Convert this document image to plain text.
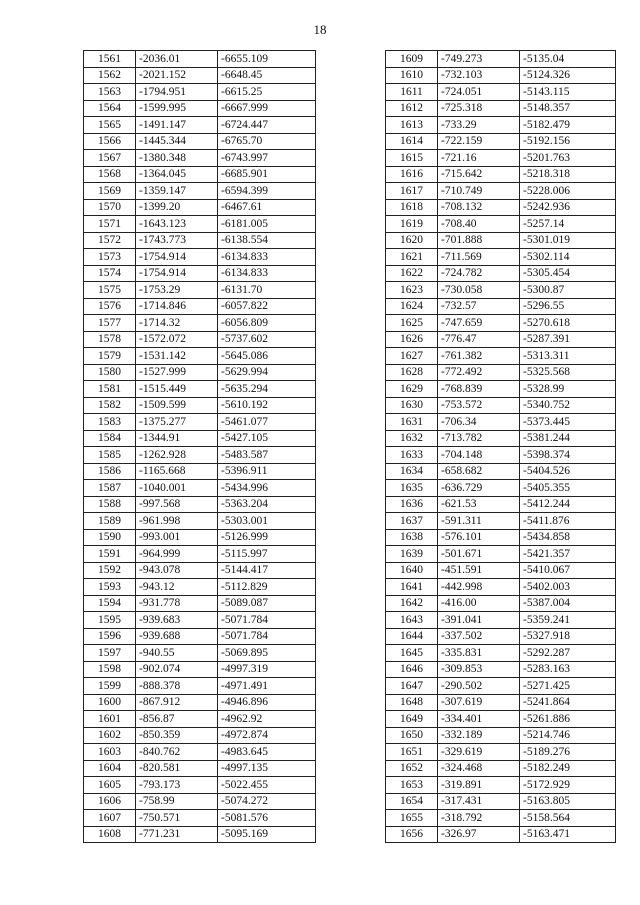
18
1561	-2036.01	-6655.109
1562	-2021.152	-6648.45
1563	-1794.951	-6615.25
1564	-1599.995	-6667.999
1565	-1491.147	-6724.447
1566	-1445.344	-6765.70
1567	-1380.348	-6743.997
1568	-1364.045	-6685.901
1569	-1359.147	-6594.399
1570	-1399.20	-6467.61
1571	-1643.123	-6181.005
1572	-1743.773	-6138.554
1573	-1754.914	-6134.833
1574	-1754.914	-6134.833
1575	-1753.29	-6131.70
1576	-1714.846	-6057.822
1577	-1714.32	-6056.809
1578	-1572.072	-5737.602
1579	-1531.142	-5645.086
1580	-1527.999	-5629.994
1581	-1515.449	-5635.294
1582	-1509.599	-5610.192
1583	-1375.277	-5461.077
1584	-1344.91	-5427.105
1585	-1262.928	-5483.587
1586	-1165.668	-5396.911
1587	-1040.001	-5434.996
1588	-997.568	-5363.204
1589	-961.998	-5303.001
1590	-993.001	-5126.999
1591	-964.999	-5115.997
1592	-943.078	-5144.417
1593	-943.12	-5112.829
1594	-931.778	-5089.087
1595	-939.683	-5071.784
1596	-939.688	-5071.784
1597	-940.55	-5069.895
1598	-902.074	-4997.319
1599	-888.378	-4971.491
1600	-867.912	-4946.896
1601	-856.87	-4962.92
1602	-850.359	-4972.874
1603	-840.762	-4983.645
1604	-820.581	-4997.135
1605	-793.173	-5022.455
1606	-758.99	-5074.272
1607	-750.571	-5081.576
1608	-771.231	-5095.169
1609	-749.273	-5135.04
1610	-732.103	-5124.326
1611	-724.051	-5143.115
1612	-725.318	-5148.357
1613	-733.29	-5182.479
1614	-722.159	-5192.156
1615	-721.16	-5201.763
1616	-715.642	-5218.318
1617	-710.749	-5228.006
1618	-708.132	-5242.936
1619	-708.40	-5257.14
1620	-701.888	-5301.019
1621	-711.569	-5302.114
1622	-724.782	-5305.454
1623	-730.058	-5300.87
1624	-732.57	-5296.55
1625	-747.659	-5270.618
1626	-776.47	-5287.391
1627	-761.382	-5313.311
1628	-772.492	-5325.568
1629	-768.839	-5328.99
1630	-753.572	-5340.752
1631	-706.34	-5373.445
1632	-713.782	-5381.244
1633	-704.148	-5398.374
1634	-658.682	-5404.526
1635	-636.729	-5405.355
1636	-621.53	-5412.244
1637	-591.311	-5411.876
1638	-576.101	-5434.858
1639	-501.671	-5421.357
1640	-451.591	-5410.067
1641	-442.998	-5402.003
1642	-416.00	-5387.004
1643	-391.041	-5359.241
1644	-337.502	-5327.918
1645	-335.831	-5292.287
1646	-309.853	-5283.163
1647	-290.502	-5271.425
1648	-307.619	-5241.864
1649	-334.401	-5261.886
1650	-332.189	-5214.746
1651	-329.619	-5189.276
1652	-324.468	-5182.249
1653	-319.891	-5172.929
1654	-317.431	-5163.805
1655	-318.792	-5158.564
1656	-326.97	-5163.471
